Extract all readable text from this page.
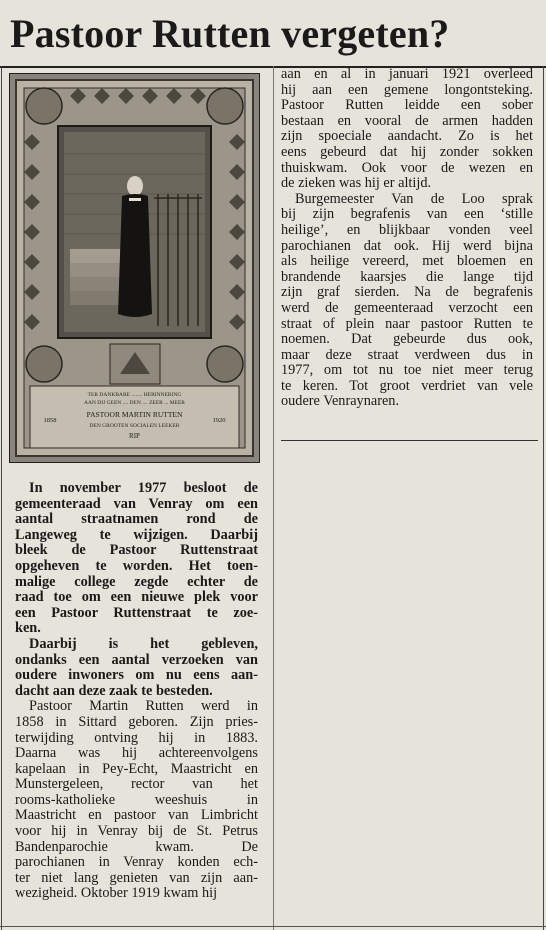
Pastoor Rutten vergeten?
TER DANKBARE ........ HERINNERING
AAN DIJ GEEN .... DEN .... ZEER ... MEER
PASTOOR MARTIN RUTTEN
DEN GROOTEN SOCIALEN LEEKER
RIP
1858	1920

In november 1977 besloot de
gemeenteraad van Venray om een
aantal straatnamen rond de
Langeweg te wijzigen. Daarbij
bleek de Pastoor Ruttenstraat
opgeheven te worden. Het toen-
malige college zegde echter de
raad toe om een nieuwe plek voor
een Pastoor Ruttenstraat te zoe-
ken.

Daarbij is het gebleven,
ondanks een aantal verzoeken van
oudere inwoners om nu eens aan-
dacht aan deze zaak te besteden.

Pastoor Martin Rutten werd in
1858 in Sittard geboren. Zijn pries-
terwijding ontving hij in 1883.
Daarna was hij achtereenvolgens
kapelaan in Pey-Echt, Maastricht en
Munstergeleen, rector van het
rooms-katholieke weeshuis in
Maastricht en pastoor van Limbricht
voor hij in Venray bij de St. Petrus
Bandenparochie kwam. De
parochianen in Venray konden ech-
ter niet lang genieten van zijn aan-
wezigheid. Oktober 1919 kwam hij

aan en al in januari 1921 overleed
hij aan een gemene longontsteking.
Pastoor Rutten leidde een sober
bestaan en vooral de armen hadden
zijn spoeciale aandacht. Zo is het
eens gebeurd dat hij zonder sokken
thuiskwam. Ook voor de wezen en
de zieken was hij er altijd.

Burgemeester Van de Loo sprak
bij zijn begrafenis van een ‘stille
heilige’, en blijkbaar vonden veel
parochianen dat ook. Hij werd bijna
als heilige vereerd, met bloemen en
brandende kaarsjes die lange tijd
zijn graf sierden. Na de begrafenis
werd de gemeenteraad verzocht een
straat of plein naar pastoor Rutten te
noemen. Dat gebeurde dus ook,
maar deze straat verdween dus in
1977, om tot nu toe niet meer terug
te keren. Tot groot verdriet van vele
oudere Venraynaren.
